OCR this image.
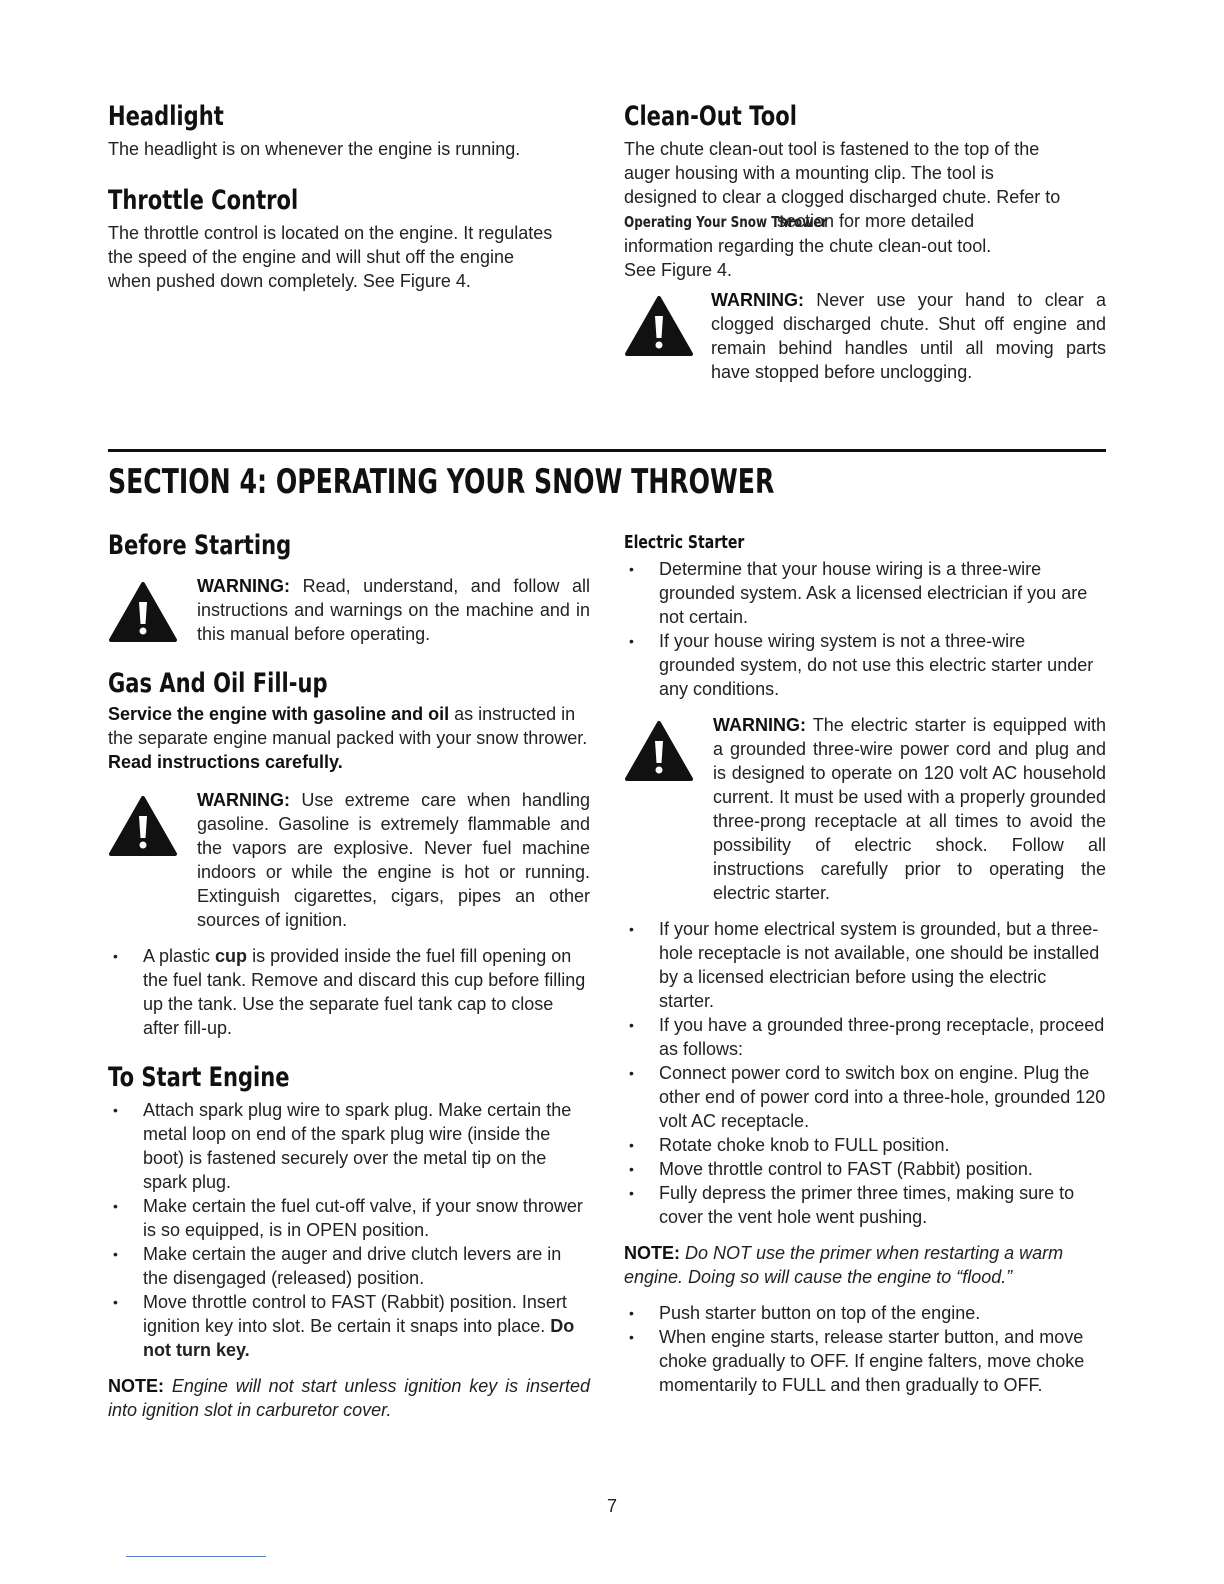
Headlight

The headlight is on whenever the engine is running.

Throttle Control

The throttle control is located on the engine. It regulates
the speed of the engine and will shut off the engine
when pushed down completely. See Figure 4.

Clean-Out Tool

The chute clean-out tool is fastened to the top of the
auger housing with a mounting clip. The tool is
designed to clear a clogged discharged chute. Refer to
Operating Your Snow Thrower section for more detailed
information regarding the chute clean-out tool.
See Figure 4.

WARNING: Never use your hand to clear a clogged discharged chute. Shut off engine and remain behind handles until all moving parts have stopped before unclogging.

SECTION 4: OPERATING YOUR SNOW THROWER
Before Starting

WARNING: Read, understand, and follow all instructions and warnings on the machine and in this manual before operating.

Gas And Oil Fill-up

Service the engine with gasoline and oil as instructed in the separate engine manual packed with your snow thrower. Read instructions carefully.

WARNING: Use extreme care when handling gasoline. Gasoline is extremely flammable and the vapors are explosive. Never fuel machine indoors or while the engine is hot or running. Extinguish cigarettes, cigars, pipes an other sources of ignition.

• A plastic cup is provided inside the fuel fill opening on the fuel tank. Remove and discard this cup before filling up the tank. Use the separate fuel tank cap to close after fill-up.
To Start Engine
• Attach spark plug wire to spark plug. Make certain the metal loop on end of the spark plug wire (inside the boot) is fastened securely over the metal tip on the spark plug.
• Make certain the fuel cut-off valve, if your snow thrower is so equipped, is in OPEN position.
• Make certain the auger and drive clutch levers are in the disengaged (released) position.
• Move throttle control to FAST (Rabbit) position. Insert ignition key into slot. Be certain it snaps into place. Do not turn key.

NOTE: Engine will not start unless ignition key is inserted into ignition slot in carburetor cover.

Electric Starter
• Determine that your house wiring is a three-wire grounded system. Ask a licensed electrician if you are not certain.
• If your house wiring system is not a three-wire grounded system, do not use this electric starter under any conditions.

WARNING: The electric starter is equipped with a grounded three-wire power cord and plug and is designed to operate on 120 volt AC household current. It must be used with a properly grounded three-prong receptacle at all times to avoid the possibility of electric shock. Follow all instructions carefully prior to operating the electric starter.

• If your home electrical system is grounded, but a three-hole receptacle is not available, one should be installed by a licensed electrician before using the electric starter.
• If you have a grounded three-prong receptacle, proceed as follows:
• Connect power cord to switch box on engine. Plug the other end of power cord into a three-hole, grounded 120 volt AC receptacle.
• Rotate choke knob to FULL position.
• Move throttle control to FAST (Rabbit) position.
• Fully depress the primer three times, making sure to cover the vent hole went pushing.

NOTE: Do NOT use the primer when restarting a warm engine. Doing so will cause the engine to “flood.”

• Push starter button on top of the engine.
• When engine starts, release starter button, and move choke gradually to OFF. If engine falters, move choke momentarily to FULL and then gradually to OFF.
7
